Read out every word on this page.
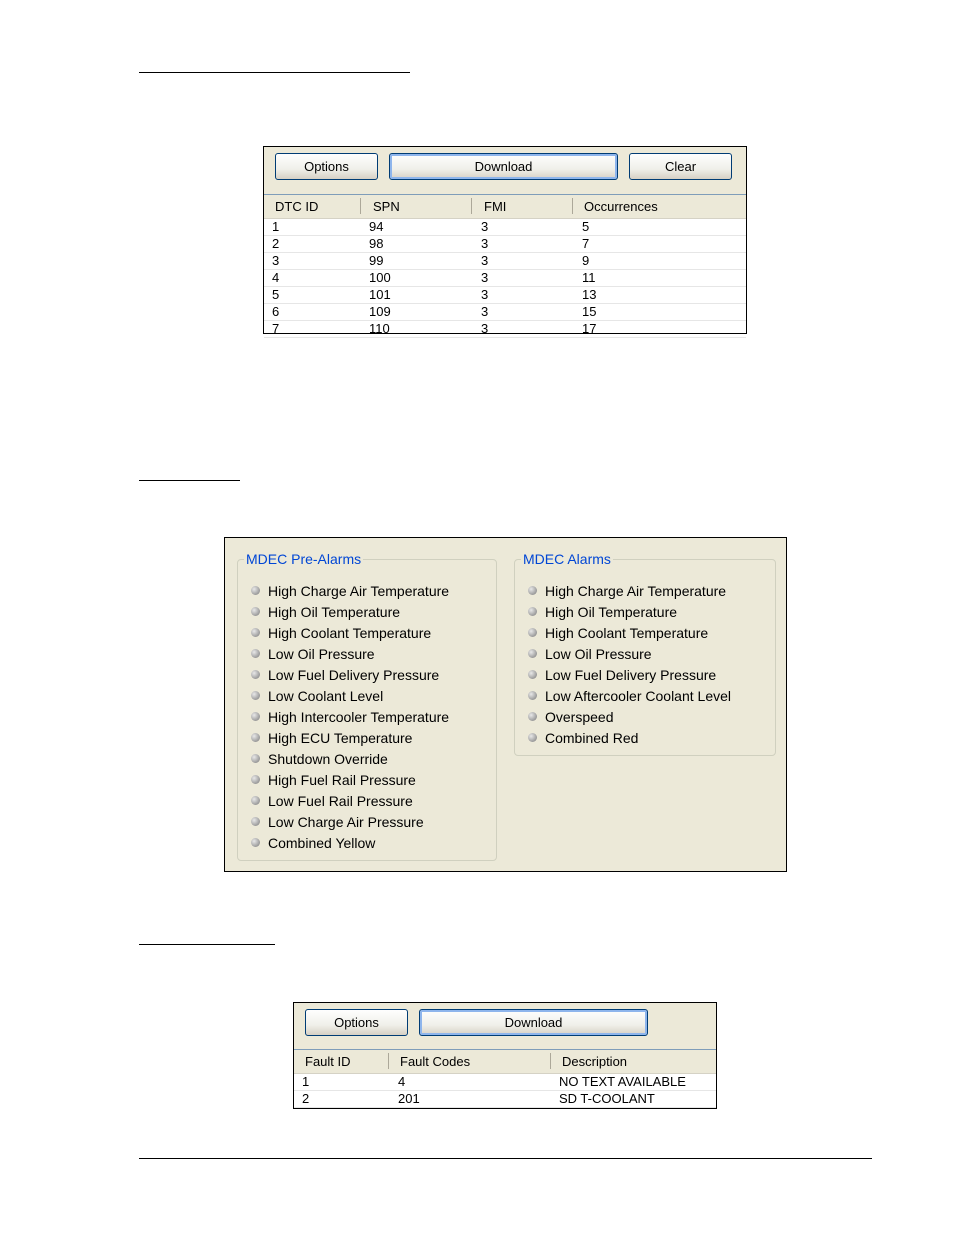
Options	Download	Clear
DTC ID	SPN	FMI	Occurrences
1	94	3	5
2	98	3	7
3	99	3	9
4	100	3	11
5	101	3	13
6	109	3	15
7	110	3	17
MDEC Pre-Alarms
High Charge Air Temperature
High Oil Temperature
High Coolant Temperature
Low Oil Pressure
Low Fuel Delivery Pressure
Low Coolant Level
High Intercooler Temperature
High ECU Temperature
Shutdown Override
High Fuel Rail Pressure
Low Fuel Rail Pressure
Low Charge Air Pressure
Combined Yellow
MDEC Alarms
High Charge Air Temperature
High Oil Temperature
High Coolant Temperature
Low Oil Pressure
Low Fuel Delivery Pressure
Low Aftercooler Coolant Level
Overspeed
Combined Red
Options	Download
Fault ID	Fault Codes	Description
1	4	NO TEXT AVAILABLE
2	201	SD T-COOLANT
